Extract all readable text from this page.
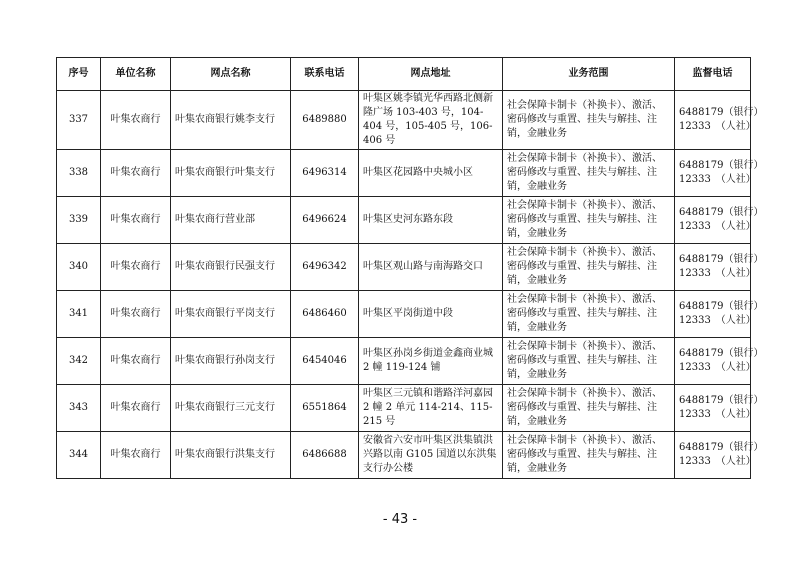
序号	单位名称	网点名称	联系电话	网点地址	业务范围	监督电话
337	叶集农商行	叶集农商银行姚李支行	6489880	叶集区姚李镇光华西路北侧新隆广场 103-403 号，104-404 号，105-405 号，106-406 号	社会保障卡制卡（补换卡）、激活、密码修改与重置、挂失与解挂、注销，金融业务	6488179（银行）
12333　（人社）

338	叶集农商行	叶集农商银行叶集支行	6496314	叶集区花园路中央城小区	社会保障卡制卡（补换卡）、激活、密码修改与重置、挂失与解挂、注销，金融业务	6488179（银行）
12333　（人社）

339	叶集农商行	叶集农商行营业部	6496624	叶集区史河东路东段	社会保障卡制卡（补换卡）、激活、密码修改与重置、挂失与解挂、注销，金融业务	6488179（银行）
12333　（人社）

340	叶集农商行	叶集农商银行民强支行	6496342	叶集区观山路与南海路交口	社会保障卡制卡（补换卡）、激活、密码修改与重置、挂失与解挂、注销，金融业务	6488179（银行）
12333　（人社）

341	叶集农商行	叶集农商银行平岗支行	6486460	叶集区平岗街道中段	社会保障卡制卡（补换卡）、激活、密码修改与重置、挂失与解挂、注销，金融业务	6488179（银行）
12333　（人社）

342	叶集农商行	叶集农商银行孙岗支行	6454046	叶集区孙岗乡街道金鑫商业城 2 幢 119-124 铺	社会保障卡制卡（补换卡）、激活、密码修改与重置、挂失与解挂、注销，金融业务	6488179（银行）
12333　（人社）

343	叶集农商行	叶集农商银行三元支行	6551864	叶集区三元镇和谐路洋河嘉园 2 幢 2 单元 114-214、115-215 号	社会保障卡制卡（补换卡）、激活、密码修改与重置、挂失与解挂、注销，金融业务	6488179（银行）
12333　（人社）

344	叶集农商行	叶集农商银行洪集支行	6486688	安徽省六安市叶集区洪集镇洪兴路以南 G105 国道以东洪集支行办公楼	社会保障卡制卡（补换卡）、激活、密码修改与重置、挂失与解挂、注销，金融业务	6488179（银行）
12333　（人社）
- 43 -
